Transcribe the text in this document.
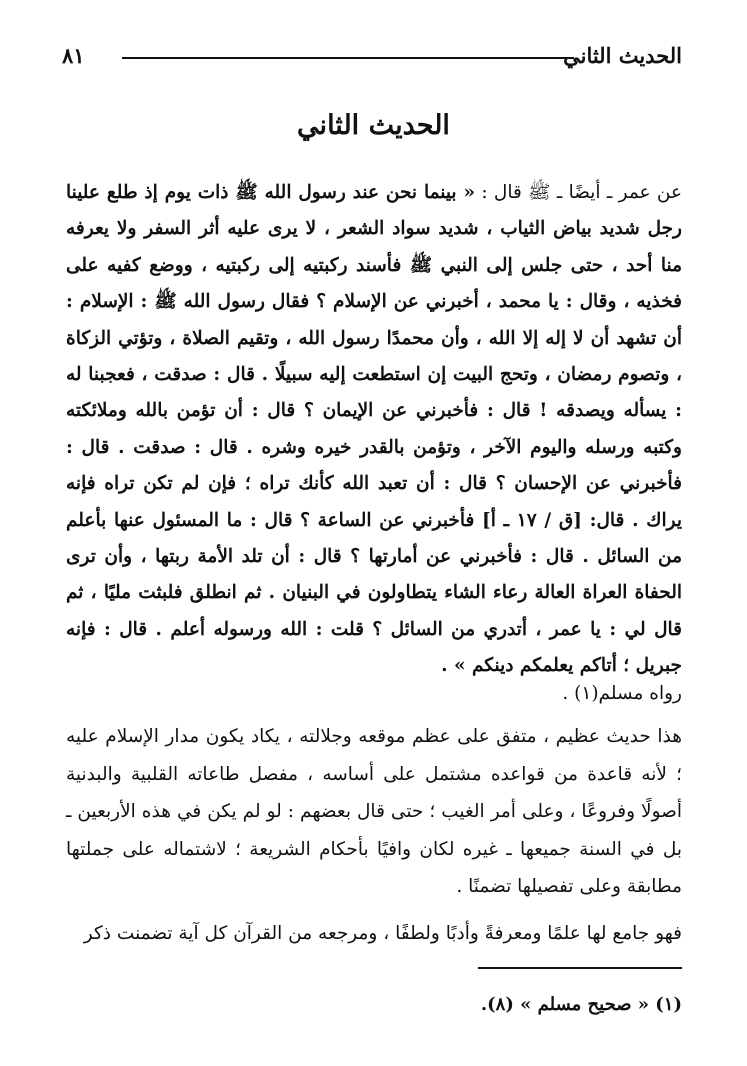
الحديث الثاني
٨١
الحديث الثاني
عن عمر ـ أيضًا ـ ﷺ قال : « بينما نحن عند رسول الله ﷺ ذات يوم إذ طلع علينا رجل شديد بياض الثياب ، شديد سواد الشعر ، لا يرى عليه أثر السفر ولا يعرفه منا أحد ، حتى جلس إلى النبي ﷺ فأسند ركبتيه إلى ركبتيه ، ووضع كفيه على فخذيه ، وقال : يا محمد ، أخبرني عن الإسلام ؟ فقال رسول الله ﷺ : الإسلام : أن تشهد أن لا إله إلا الله ، وأن محمدًا رسول الله ، وتقيم الصلاة ، وتؤتي الزكاة ، وتصوم رمضان ، وتحج البيت إن استطعت إليه سبيلًا . قال : صدقت ، فعجبنا له : يسأله ويصدقه ! قال : فأخبرني عن الإيمان ؟ قال : أن تؤمن بالله وملائكته وكتبه ورسله واليوم الآخر ، وتؤمن بالقدر خيره وشره . قال : صدقت . قال : فأخبرني عن الإحسان ؟ قال : أن تعبد الله كأنك تراه ؛ فإن لم تكن تراه فإنه يراك . قال: [ق / ١٧ ـ أ] فأخبرني عن الساعة ؟ قال : ما المسئول عنها بأعلم من السائل . قال : فأخبرني عن أمارتها ؟ قال : أن تلد الأمة ربتها ، وأن ترى الحفاة العراة العالة رعاء الشاء يتطاولون في البنيان . ثم انطلق فلبثت مليًا ، ثم قال لي : يا عمر ، أتدري من السائل ؟ قلت : الله ورسوله أعلم . قال : فإنه جبريل ؛ أتاكم يعلمكم دينكم » .
رواه مسلم(١) .
هذا حديث عظيم ، متفق على عظم موقعه وجلالته ، يكاد يكون مدار الإسلام عليه ؛ لأنه قاعدة من قواعده مشتمل على أساسه ، مفصل طاعاته القلبية والبدنية أصولًا وفروعًا ، وعلى أمر الغيب ؛ حتى قال بعضهم : لو لم يكن في هذه الأربعين ـ بل في السنة جميعها ـ غيره لكان وافيًا بأحكام الشريعة ؛ لاشتماله على جملتها مطابقة وعلى تفصيلها تضمنًا .
فهو جامع لها علمًا ومعرفةً وأدبًا ولطفًا ، ومرجعه من القرآن كل آية تضمنت ذكر
(١) « صحيح مسلم » (٨).
